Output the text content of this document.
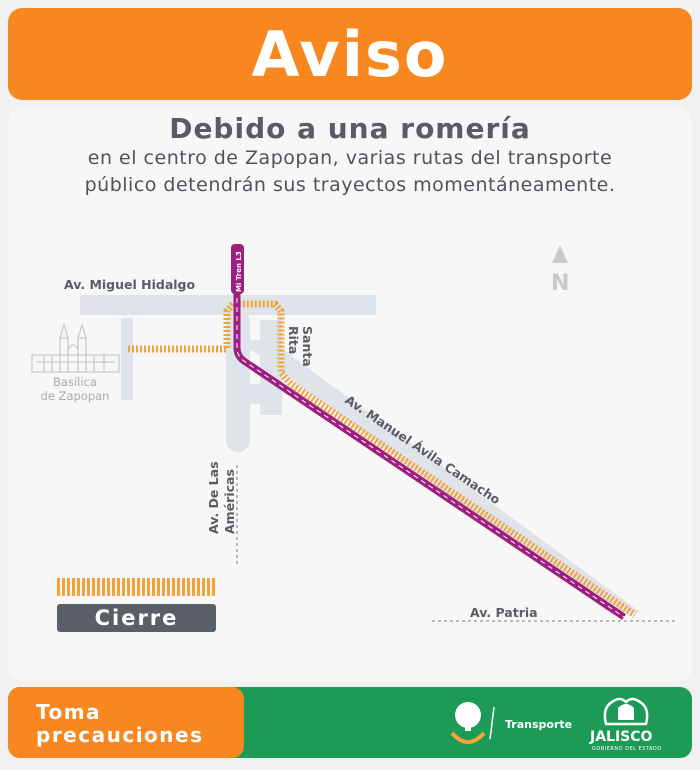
Aviso
Debido a una romería
en el centro de Zapopan, varias rutas del transporte
público detendrán sus trayectos momentáneamente.
Mi Tren L3	N
Av. Miguel Hidalgo
Santa
Rita
Av. Manuel Ávila Camacho
Av. De Las Américas
Av. Patria
Basílica
de Zapopan
Cierre
Toma
precauciones	Transporte
JALISCO
GOBIERNO DEL ESTADO
